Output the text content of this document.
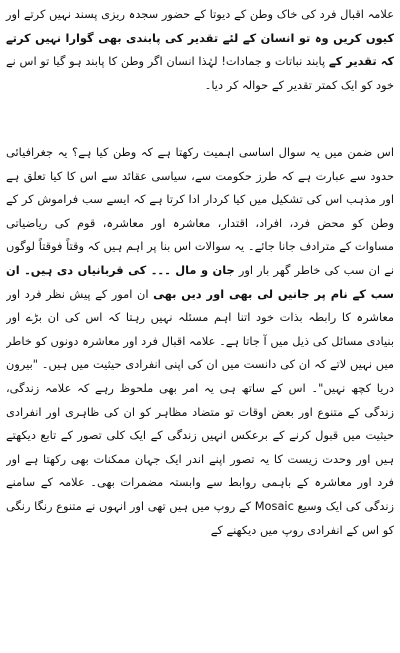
علامہ اقبال فرد کی خاک وطن کے دیوتا کے حضور سجدہ ریزی پسند نہیں کرتے اور کیوں کریں وہ تو انسان کے لئے تقدیر کی پابندی بھی گوارا نہیں کرتے کہ تقدیر کے پابند نباتات و جمادات! لہٰذا انسان اگر وطن کا پابند ہو گیا تو اس نے خود کو ایک کمتر تقدیر کے حوالہ کر دیا۔
اس ضمن میں یہ سوال اساسی اہمیت رکھتا ہے کہ وطن کیا ہے؟ یہ جغرافیائی حدود سے عبارت ہے کہ طرز حکومت سے، سیاسی عقائد سے اس کا کیا تعلق ہے اور مذہب اس کی تشکیل میں کیا کردار ادا کرتا ہے کہ ایسے سب فراموش کر کے وطن کو محض فرد، افراد، اقتدار، معاشرہ اور معاشرہ، قوم کی ریاضیاتی مساوات کے مترادف جانا جائے۔ یہ سوالات اس بنا پر اہم ہیں کہ وقتاً فوقتاً لوگوں نے ان سب کی خاطر گھر بار اور جان و مال ۔۔۔ کی قربانیاں دی ہیں۔ ان سب کے نام پر جانیں لی بھی اور دیں بھی ان امور کے پیش نظر فرد اور معاشرہ کا رابطہ بذات خود اتنا اہم مسئلہ نہیں رہتا کہ اس کی ان بڑے اور بنیادی مسائل کی ذیل میں آ جاتا ہے۔ علامہ اقبال فرد اور معاشرہ دونوں کو خاطر میں نہیں لاتے کہ ان کی دانست میں ان کی اپنی انفرادی حیثیت میں ہیں۔ "بیرون دریا کچھ نہیں"۔ اس کے ساتھ ہی یہ امر بھی ملحوظ رہے کہ علامہ زندگی، زندگی کے متنوع اور بعض اوقات تو متضاد مظاہر کو ان کی ظاہری اور انفرادی حیثیت میں قبول کرنے کے برعکس انہیں زندگی کے ایک کلی تصور کے تابع دیکھتے ہیں اور وحدت زیست کا یہ تصور اپنے اندر ایک جہان ممکنات بھی رکھتا ہے اور فرد اور معاشرہ کے باہمی روابط سے وابستہ مضمرات بھی۔ علامہ کے سامنے زندگی کی ایک وسیع Mosaic کے روپ میں ہیں تھی اور انہوں نے متنوع رنگا رنگی کو اس کے انفرادی روپ میں دیکھنے کے
